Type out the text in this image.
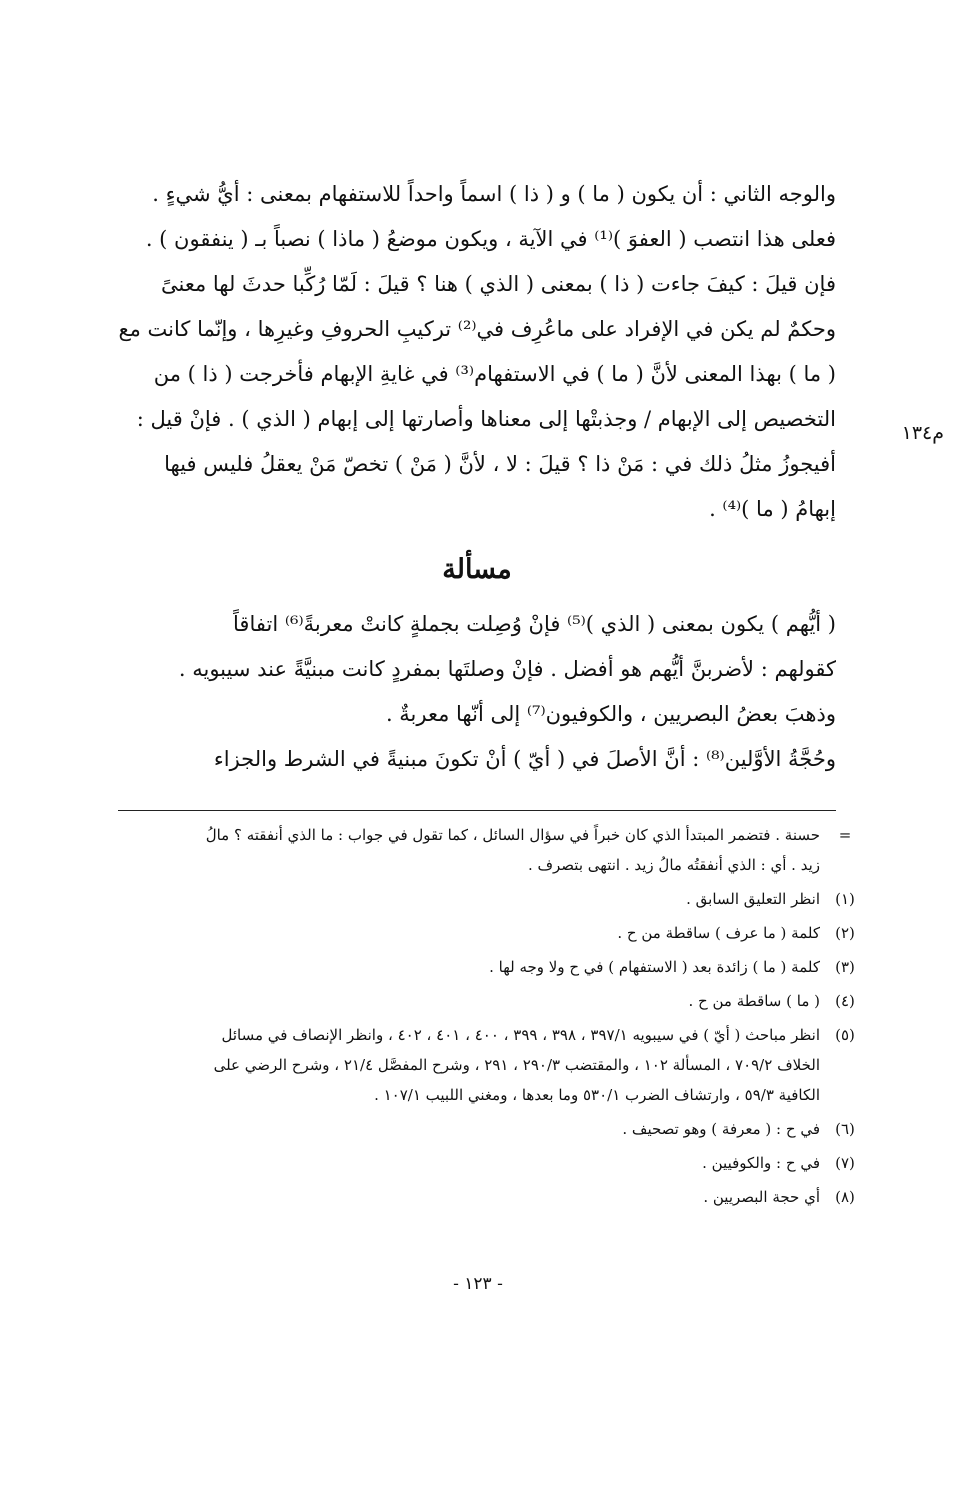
م١٣٤
والوجه الثاني : أن يكون ( ما ) و ( ذا ) اسماً واحداً للاستفهام بمعنى : أيُّ شيءٍ .
فعلى هذا انتصب ( العفوَ )⁽¹⁾ في الآية ، ويكون موضعُ ( ماذا ) نصباً بـ ( ينفقون ) .
فإن قيلَ : كيفَ جاءت ( ذا ) بمعنى ( الذي ) هنا ؟ قيلَ : لَمّا رُكِّبا حدثَ لها معنىً
وحكمٌ لم يكن في الإفراد على ماعُرِف في⁽²⁾ تركيبِ الحروفِ وغيرِها ، وإنّما كانت مع
( ما ) بهذا المعنى لأنَّ ( ما ) في الاستفهام⁽³⁾ في غايةِ الإبهام فأخرجت ( ذا ) من
التخصيص إلى الإبهام / وجذبتْها إلى معناها وأصارتها إلى إبهام ( الذي ) . فإنْ قيل :
أفيجوزُ مثلُ ذلك في : مَنْ ذا ؟ قيلَ : لا ، لأنَّ ( مَنْ ) تخصّ مَنْ يعقلُ فليس فيها
إبهامُ ( ما )⁽⁴⁾ .
مسألة
( أيُّهم ) يكون بمعنى ( الذي )⁽⁵⁾ فإنْ وُصِلت بجملةٍ كانتْ معربةً⁽⁶⁾ اتفاقاً
كقولهم : لأضربنَّ أيُّهم هو أفضل . فإنْ وصلتَها بمفردٍ كانت مبنيَّةً عند سيبويه .
وذهبَ بعضُ البصريين ، والكوفيون⁽⁷⁾ إلى أنّها معربةٌ .
وحُجَّةُ الأوَّلين⁽⁸⁾ : أنَّ الأصلَ في ( أيّ ) أنْ تكونَ مبنيةً في الشرط والجزاء
=
حسنة . فتضمر المبتدأ الذي كان خبراً في سؤال السائل ، كما تقول في جواب : ما الذي أنفقته ؟ مالُ
زيد . أي : الذي أنفقتُه مالُ زيد . انتهى بتصرف .
(١)
انظر التعليق السابق .
(٢)
كلمة ( ما عرف ) ساقطة من ح .
(٣)
كلمة ( ما ) زائدة بعد ( الاستفهام ) في ح ولا وجه لها .
(٤)
( ما ) ساقطة من ح .
(٥)
انظر مباحث ( أيّ ) في سيبويه ٣٩٧/١ ، ٣٩٨ ، ٣٩٩ ، ٤٠٠ ، ٤٠١ ، ٤٠٢ ، وانظر الإنصاف في مسائل
الخلاف ٧٠٩/٢ ، المسألة ١٠٢ ، والمقتضب ٢٩٠/٣ ، ٢٩١ ، وشرح المفصَّل ٢١/٤ ، وشرح الرضي على
الكافية ٥٩/٣ ، وارتشاف الضرب ٥٣٠/١ وما بعدها ، ومغني اللبيب ١٠٧/١ .
(٦)
في ح : ( معرفة ) وهو تصحيف .
(٧)
في ح : والكوفيين .
(٨)
أي حجة البصريين .
- ١٢٣ -
